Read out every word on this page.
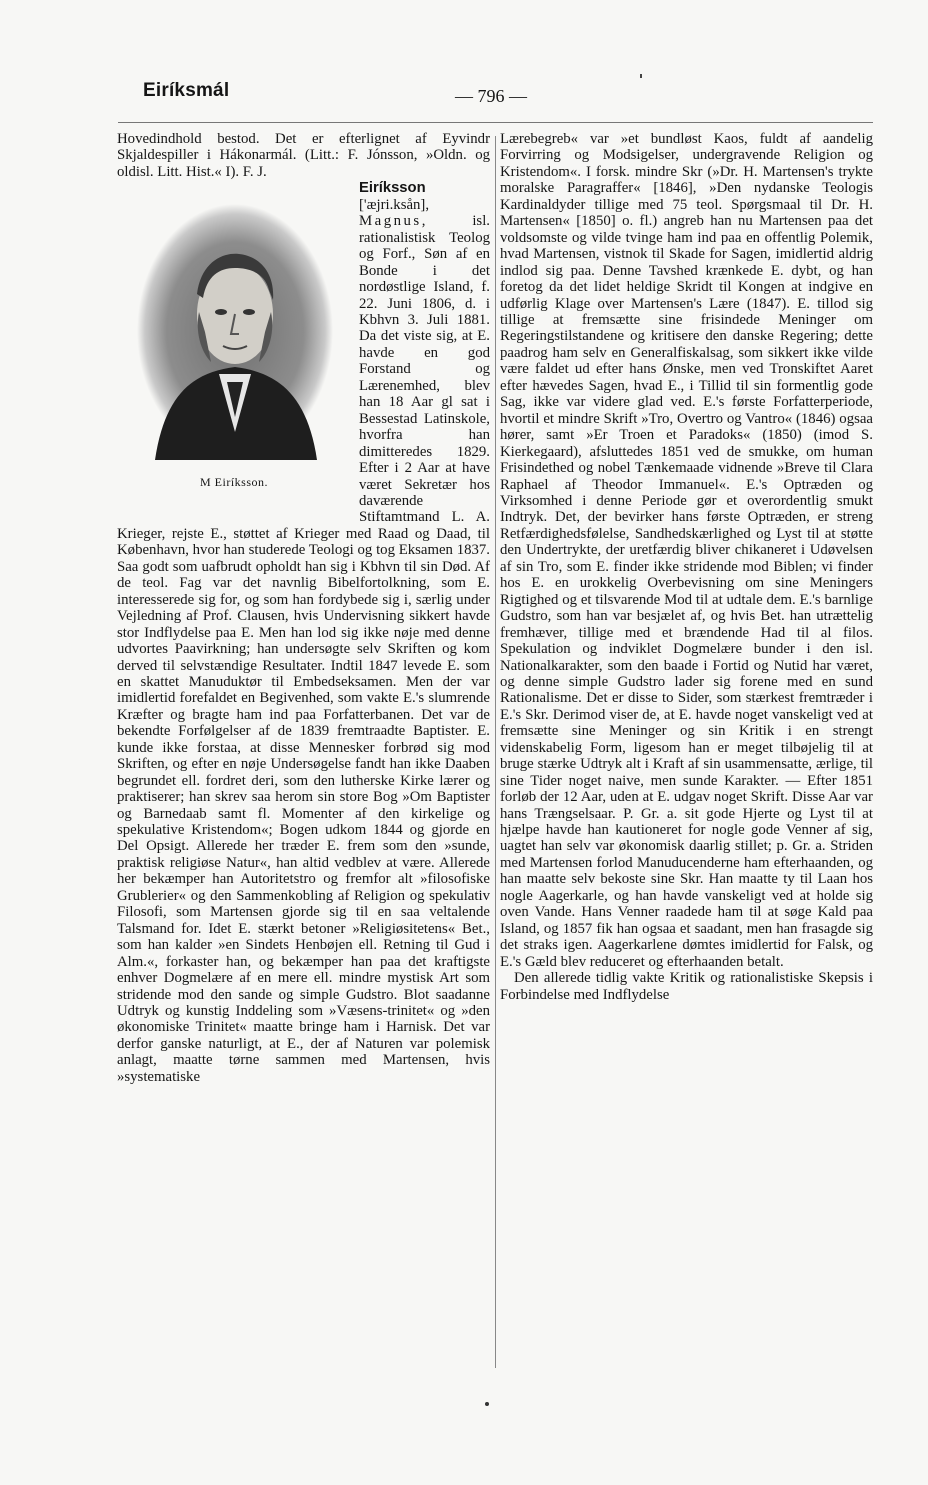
Eiríksmál	— 796 —

Hovedindhold bestod. Det er efterlignet af Eyvindr Skjaldespiller i Hákonarmál. (Litt.: F. Jónsson, »Oldn. og oldisl. Litt. Hist.« I). F. J.

M Eiríksson.

Eiríksson ['æjri.ksån], Magnus, isl. rationalistisk Teolog og Forf., Søn af en Bonde i det nordøstlige Island, f. 22. Juni 1806, d. i Kbhvn 3. Juli 1881. Da det viste sig, at E. havde en god Forstand og Lærenemhed, blev han 18 Aar gl sat i Bessestad Latinskole, hvorfra han dimitteredes 1829. Efter i 2 Aar at have været Sekretær hos daværende Stiftamtmand L. A. Krieger, rejste E., støttet af Krieger med Raad og Daad, til København, hvor han studerede Teologi og tog Eksamen 1837. Saa godt som uafbrudt opholdt han sig i Kbhvn til sin Død. Af de teol. Fag var det navnlig Bibelfortolkning, som E. interesserede sig for, og som han fordybede sig i, særlig under Vejledning af Prof. Clausen, hvis Undervisning sikkert havde stor Indflydelse paa E. Men han lod sig ikke nøje med denne udvortes Paavirkning; han undersøgte selv Skriften og kom derved til selvstændige Resultater. Indtil 1847 levede E. som en skattet Manuduktør til Embedseksamen. Men der var imidlertid forefaldet en Begivenhed, som vakte E.'s slumrende Kræfter og bragte ham ind paa Forfatterbanen. Det var de bekendte Forfølgelser af de 1839 fremtraadte Baptister. E. kunde ikke forstaa, at disse Mennesker forbrød sig mod Skriften, og efter en nøje Undersøgelse fandt han ikke Daaben begrundet ell. fordret deri, som den lutherske Kirke lærer og praktiserer; han skrev saa herom sin store Bog »Om Baptister og Barnedaab samt fl. Momenter af den kirkelige og spekulative Kristendom«; Bogen udkom 1844 og gjorde en Del Opsigt. Allerede her træder E. frem som den »sunde, praktisk religiøse Natur«, han altid vedblev at være. Allerede her bekæmper han Autoritetstro og fremfor alt »filosofiske Grublerier« og den Sammenkobling af Religion og spekulativ Filosofi, som Martensen gjorde sig til en saa veltalende Talsmand for. Idet E. stærkt betoner »Religiøsitetens« Bet., som han kalder »en Sindets Henbøjen ell. Retning til Gud i Alm.«, forkaster han, og bekæmper han paa det kraftigste enhver Dogmelære af en mere ell. mindre mystisk Art som stridende mod den sande og simple Gudstro. Blot saadanne Udtryk og kunstig Inddeling som »Væsens-trinitet« og »den økonomiske Trinitet« maatte bringe ham i Harnisk. Det var derfor ganske naturligt, at E., der af Naturen var polemisk anlagt, maatte tørne sammen med Martensen, hvis »systematiske

Lærebegreb« var »et bundløst Kaos, fuldt af aandelig Forvirring og Modsigelser, undergravende Religion og Kristendom«. I forsk. mindre Skr (»Dr. H. Martensen's trykte moralske Paragraffer« [1846], »Den nydanske Teologis Kardinaldyder tillige med 75 teol. Spørgsmaal til Dr. H. Martensen« [1850] o. fl.) angreb han nu Martensen paa det voldsomste og vilde tvinge ham ind paa en offentlig Polemik, hvad Martensen, vistnok til Skade for Sagen, imidlertid aldrig indlod sig paa. Denne Tavshed krænkede E. dybt, og han foretog da det lidet heldige Skridt til Kongen at indgive en udførlig Klage over Martensen's Lære (1847). E. tillod sig tillige at fremsætte sine frisindede Meninger om Regeringstilstandene og kritisere den danske Regering; dette paadrog ham selv en Generalfiskalsag, som sikkert ikke vilde være faldet ud efter hans Ønske, men ved Tronskiftet Aaret efter hævedes Sagen, hvad E., i Tillid til sin formentlig gode Sag, ikke var videre glad ved. E.'s første Forfatterperiode, hvortil et mindre Skrift »Tro, Overtro og Vantro« (1846) ogsaa hører, samt »Er Troen et Paradoks« (1850) (imod S. Kierkegaard), afsluttedes 1851 ved de smukke, om human Frisindethed og nobel Tænkemaade vidnende »Breve til Clara Raphael af Theodor Immanuel«. E.'s Optræden og Virksomhed i denne Periode gør et overordentlig smukt Indtryk. Det, der bevirker hans første Optræden, er streng Retfærdighedsfølelse, Sandhedskærlighed og Lyst til at støtte den Undertrykte, der uretfærdig bliver chikaneret i Udøvelsen af sin Tro, som E. finder ikke stridende mod Biblen; vi finder hos E. en urokkelig Overbevisning om sine Meningers Rigtighed og et tilsvarende Mod til at udtale dem. E.'s barnlige Gudstro, som han var besjælet af, og hvis Bet. han utrættelig fremhæver, tillige med et brændende Had til al filos. Spekulation og indviklet Dogmelære bunder i den isl. Nationalkarakter, som den baade i Fortid og Nutid har været, og denne simple Gudstro lader sig forene med en sund Rationalisme. Det er disse to Sider, som stærkest fremtræder i E.'s Skr. Derimod viser de, at E. havde noget vanskeligt ved at fremsætte sine Meninger og sin Kritik i en strengt videnskabelig Form, ligesom han er meget tilbøjelig til at bruge stærke Udtryk alt i Kraft af sin usammensatte, ærlige, til sine Tider noget naive, men sunde Karakter. — Efter 1851 forløb der 12 Aar, uden at E. udgav noget Skrift. Disse Aar var hans Trængselsaar. P. Gr. a. sit gode Hjerte og Lyst til at hjælpe havde han kautioneret for nogle gode Venner af sig, uagtet han selv var økonomisk daarlig stillet; p. Gr. a. Striden med Martensen forlod Manuducenderne ham efterhaanden, og han maatte selv bekoste sine Skr. Han maatte ty til Laan hos nogle Aagerkarle, og han havde vanskeligt ved at holde sig oven Vande. Hans Venner raadede ham til at søge Kald paa Island, og 1857 fik han ogsaa et saadant, men han frasagde sig det straks igen. Aagerkarlene dømtes imidlertid for Falsk, og E.'s Gæld blev reduceret og efterhaanden betalt.

Den allerede tidlig vakte Kritik og rationalistiske Skepsis i Forbindelse med Indflydelse
